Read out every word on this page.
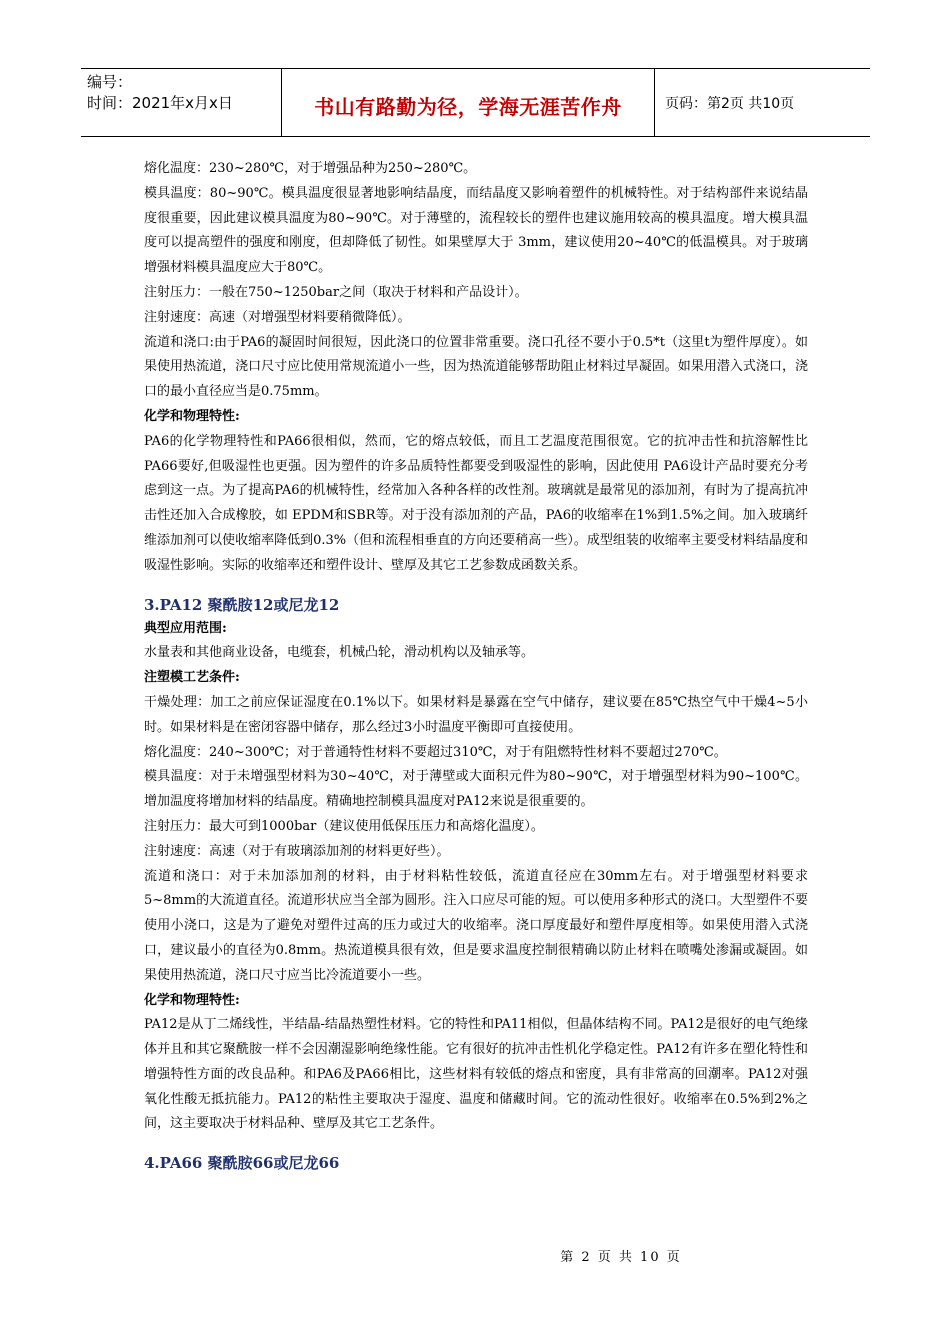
编号：
时间：2021年x月x日	书山有路勤为径，学海无涯苦作舟	页码：第2页 共10页

熔化温度：230~280℃，对于增强品种为250~280℃。

模具温度：80~90℃。模具温度很显著地影响结晶度，而结晶度又影响着塑件的机械特性。对于结构部件来说结晶度很重要，因此建议模具温度为80~90℃。对于薄壁的，流程较长的塑件也建议施用较高的模具温度。增大模具温度可以提高塑件的强度和刚度，但却降低了韧性。如果壁厚大于 3mm，建议使用20~40℃的低温模具。对于玻璃增强材料模具温度应大于80℃。

注射压力：一般在750~1250bar之间（取决于材料和产品设计）。

注射速度：高速（对增强型材料要稍微降低）。

流道和浇口:由于PA6的凝固时间很短，因此浇口的位置非常重要。浇口孔径不要小于0.5*t（这里t为塑件厚度）。如果使用热流道，浇口尺寸应比使用常规流道小一些，因为热流道能够帮助阻止材料过早凝固。如果用潜入式浇口，浇口的最小直径应当是0.75mm。

化学和物理特性:

PA6的化学物理特性和PA66很相似，然而，它的熔点较低，而且工艺温度范围很宽。它的抗冲击性和抗溶解性比PA66要好,但吸湿性也更强。因为塑件的许多品质特性都要受到吸湿性的影响，因此使用 PA6设计产品时要充分考虑到这一点。为了提高PA6的机械特性，经常加入各种各样的改性剂。玻璃就是最常见的添加剂，有时为了提高抗冲击性还加入合成橡胶，如 EPDM和SBR等。对于没有添加剂的产品，PA6的收缩率在1%到1.5%之间。加入玻璃纤维添加剂可以使收缩率降低到0.3%（但和流程相垂直的方向还要稍高一些）。成型组装的收缩率主要受材料结晶度和吸湿性影响。实际的收缩率还和塑件设计、壁厚及其它工艺参数成函数关系。

3.PA12 聚酰胺12或尼龙12

典型应用范围:

水量表和其他商业设备，电缆套，机械凸轮，滑动机构以及轴承等。

注塑模工艺条件:

干燥处理：加工之前应保证湿度在0.1%以下。如果材料是暴露在空气中储存，建议要在85℃热空气中干燥4~5小时。如果材料是在密闭容器中储存，那么经过3小时温度平衡即可直接使用。

熔化温度：240~300℃；对于普通特性材料不要超过310℃，对于有阻燃特性材料不要超过270℃。

模具温度：对于未增强型材料为30~40℃，对于薄壁或大面积元件为80~90℃，对于增强型材料为90~100℃。增加温度将增加材料的结晶度。精确地控制模具温度对PA12来说是很重要的。

注射压力：最大可到1000bar（建议使用低保压压力和高熔化温度）。

注射速度：高速（对于有玻璃添加剂的材料更好些）。

流道和浇口：对于未加添加剂的材料，由于材料粘性较低，流道直径应在30mm左右。对于增强型材料要求5~8mm的大流道直径。流道形状应当全部为圆形。注入口应尽可能的短。可以使用多种形式的浇口。大型塑件不要使用小浇口，这是为了避免对塑件过高的压力或过大的收缩率。浇口厚度最好和塑件厚度相等。如果使用潜入式浇口，建议最小的直径为0.8mm。热流道模具很有效，但是要求温度控制很精确以防止材料在喷嘴处渗漏或凝固。如果使用热流道，浇口尺寸应当比冷流道要小一些。

化学和物理特性:

PA12是从丁二烯线性，半结晶-结晶热塑性材料。它的特性和PA11相似，但晶体结构不同。PA12是很好的电气绝缘体并且和其它聚酰胺一样不会因潮湿影响绝缘性能。它有很好的抗冲击性机化学稳定性。PA12有许多在塑化特性和增强特性方面的改良品种。和PA6及PA66相比，这些材料有较低的熔点和密度，具有非常高的回潮率。PA12对强氧化性酸无抵抗能力。PA12的粘性主要取决于湿度、温度和储藏时间。它的流动性很好。收缩率在0.5%到2%之间，这主要取决于材料品种、壁厚及其它工艺条件。

4.PA66 聚酰胺66或尼龙66
第 2 页 共 10 页
